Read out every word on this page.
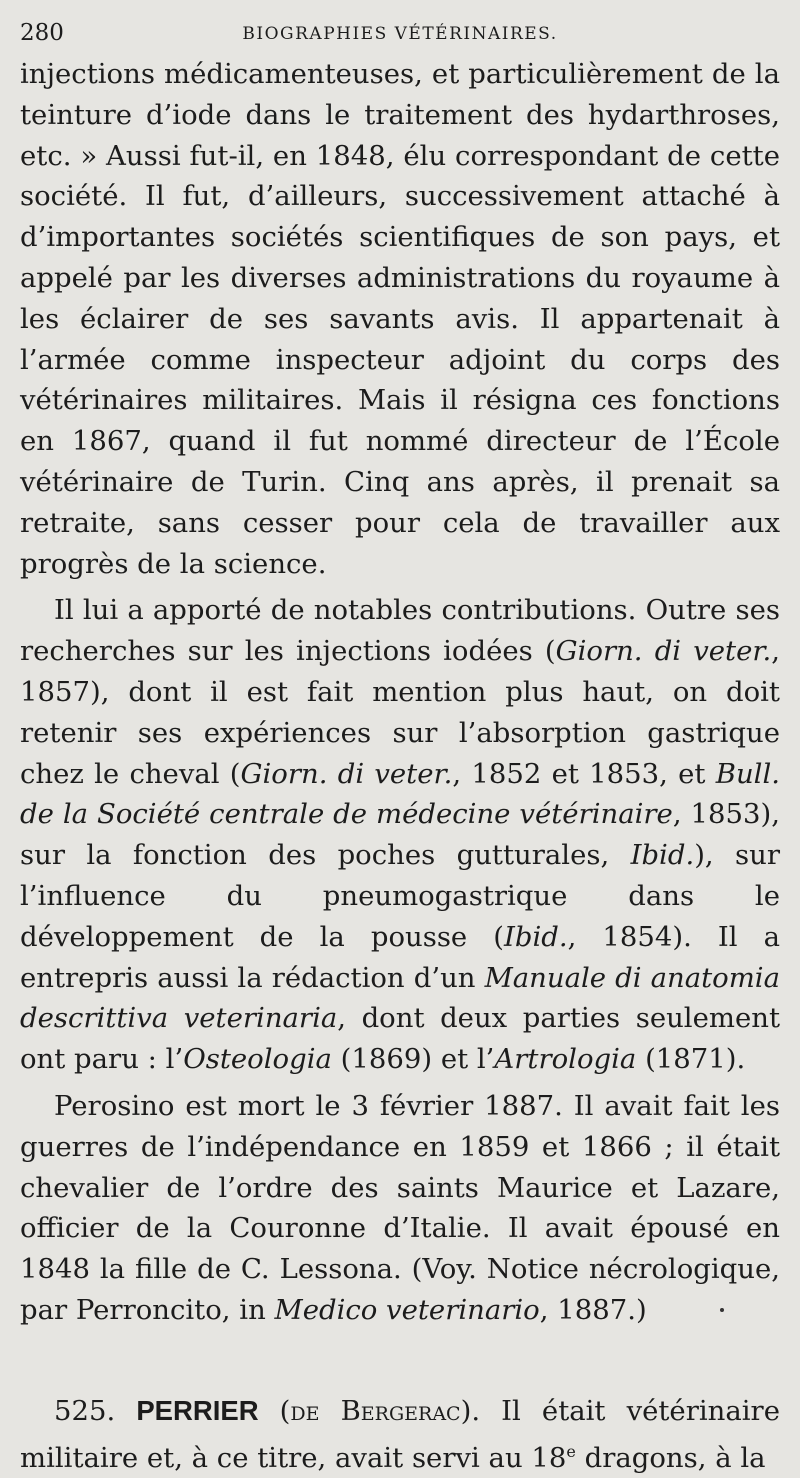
280	BIOGRAPHIES VÉTÉRINAIRES.

injections médicamenteuses, et particulièrement de la teinture d’iode dans le traitement des hydarthroses, etc. » Aussi fut-il, en 1848, élu correspondant de cette société. Il fut, d’ailleurs, successivement attaché à d’importantes sociétés scientifiques de son pays, et appelé par les diverses administrations du royaume à les éclairer de ses savants avis. Il appartenait à l’armée comme inspecteur adjoint du corps des vétérinaires militaires. Mais il résigna ces fonctions en 1867, quand il fut nommé directeur de l’École vétérinaire de Turin. Cinq ans après, il prenait sa retraite, sans cesser pour cela de travailler aux progrès de la science.

Il lui a apporté de notables contributions. Outre ses recherches sur les injections iodées (Giorn. di veter., 1857), dont il est fait mention plus haut, on doit retenir ses expériences sur l’absorption gastrique chez le cheval (Giorn. di veter., 1852 et 1853, et Bull. de la Société centrale de médecine vétérinaire, 1853), sur la fonction des poches gutturales, Ibid.), sur l’influence du pneumogastrique dans le développement de la pousse (Ibid., 1854). Il a entrepris aussi la rédaction d’un Manuale di anatomia descrittiva veterinaria, dont deux parties seulement ont paru : l’Osteologia (1869) et l’Artrologia (1871).

Perosino est mort le 3 février 1887. Il avait fait les guerres de l’indépendance en 1859 et 1866 ; il était chevalier de l’ordre des saints Maurice et Lazare, officier de la Couronne d’Italie. Il avait épousé en 1848 la fille de C. Lessona. (Voy. Notice nécrologique, par Perroncito, in Medico veterinario, 1887.)

525. PERRIER (de Bergerac). Il était vétérinaire militaire et, à ce titre, avait servi au 18e dragons, à la
